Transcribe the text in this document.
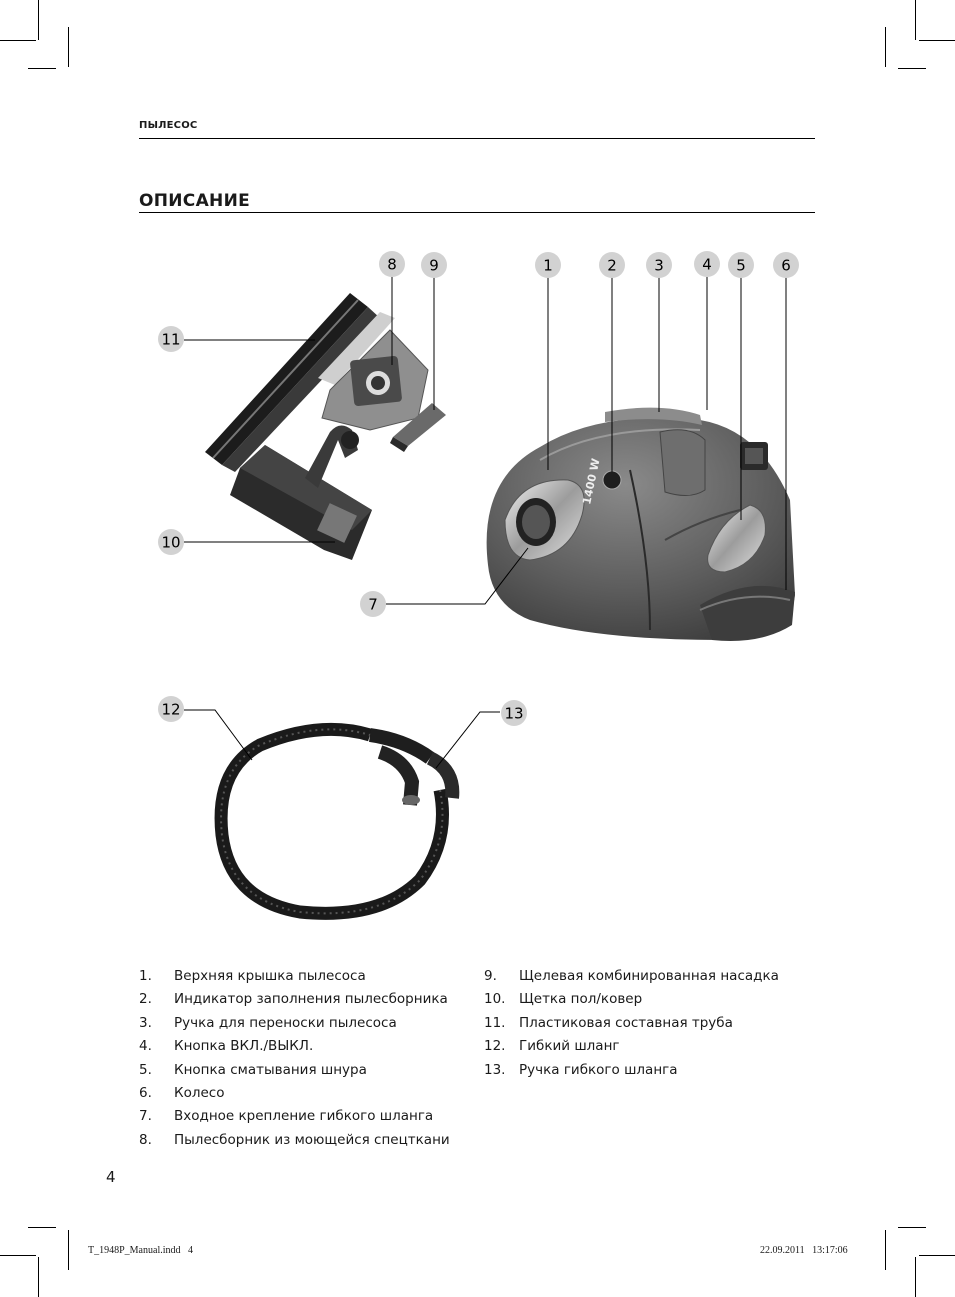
ПЫЛЕСОС
ОПИСАНИЕ
1400 W
8 9	1	2 3	4 5 6
11
10
7
12	13
1.	Верхняя крышка пылесоса
2.	Индикатор заполнения пылесборника
3.	Ручка для переноски пылесоса
4.	Кнопка ВКЛ./ВЫКЛ.
5.	Кнопка сматывания шнура
6.	Колесо
7.	Входное крепление гибкого шланга
8.	Пылесборник из моющейся спецткани
9.	Щелевая комбинированная насадка
10.	Щетка пол/ковер
11.	Пластиковая составная труба
12.	Гибкий шланг
13.	Ручка гибкого шланга
4
T_1948P_Manual.indd   4	22.09.2011   13:17:06
